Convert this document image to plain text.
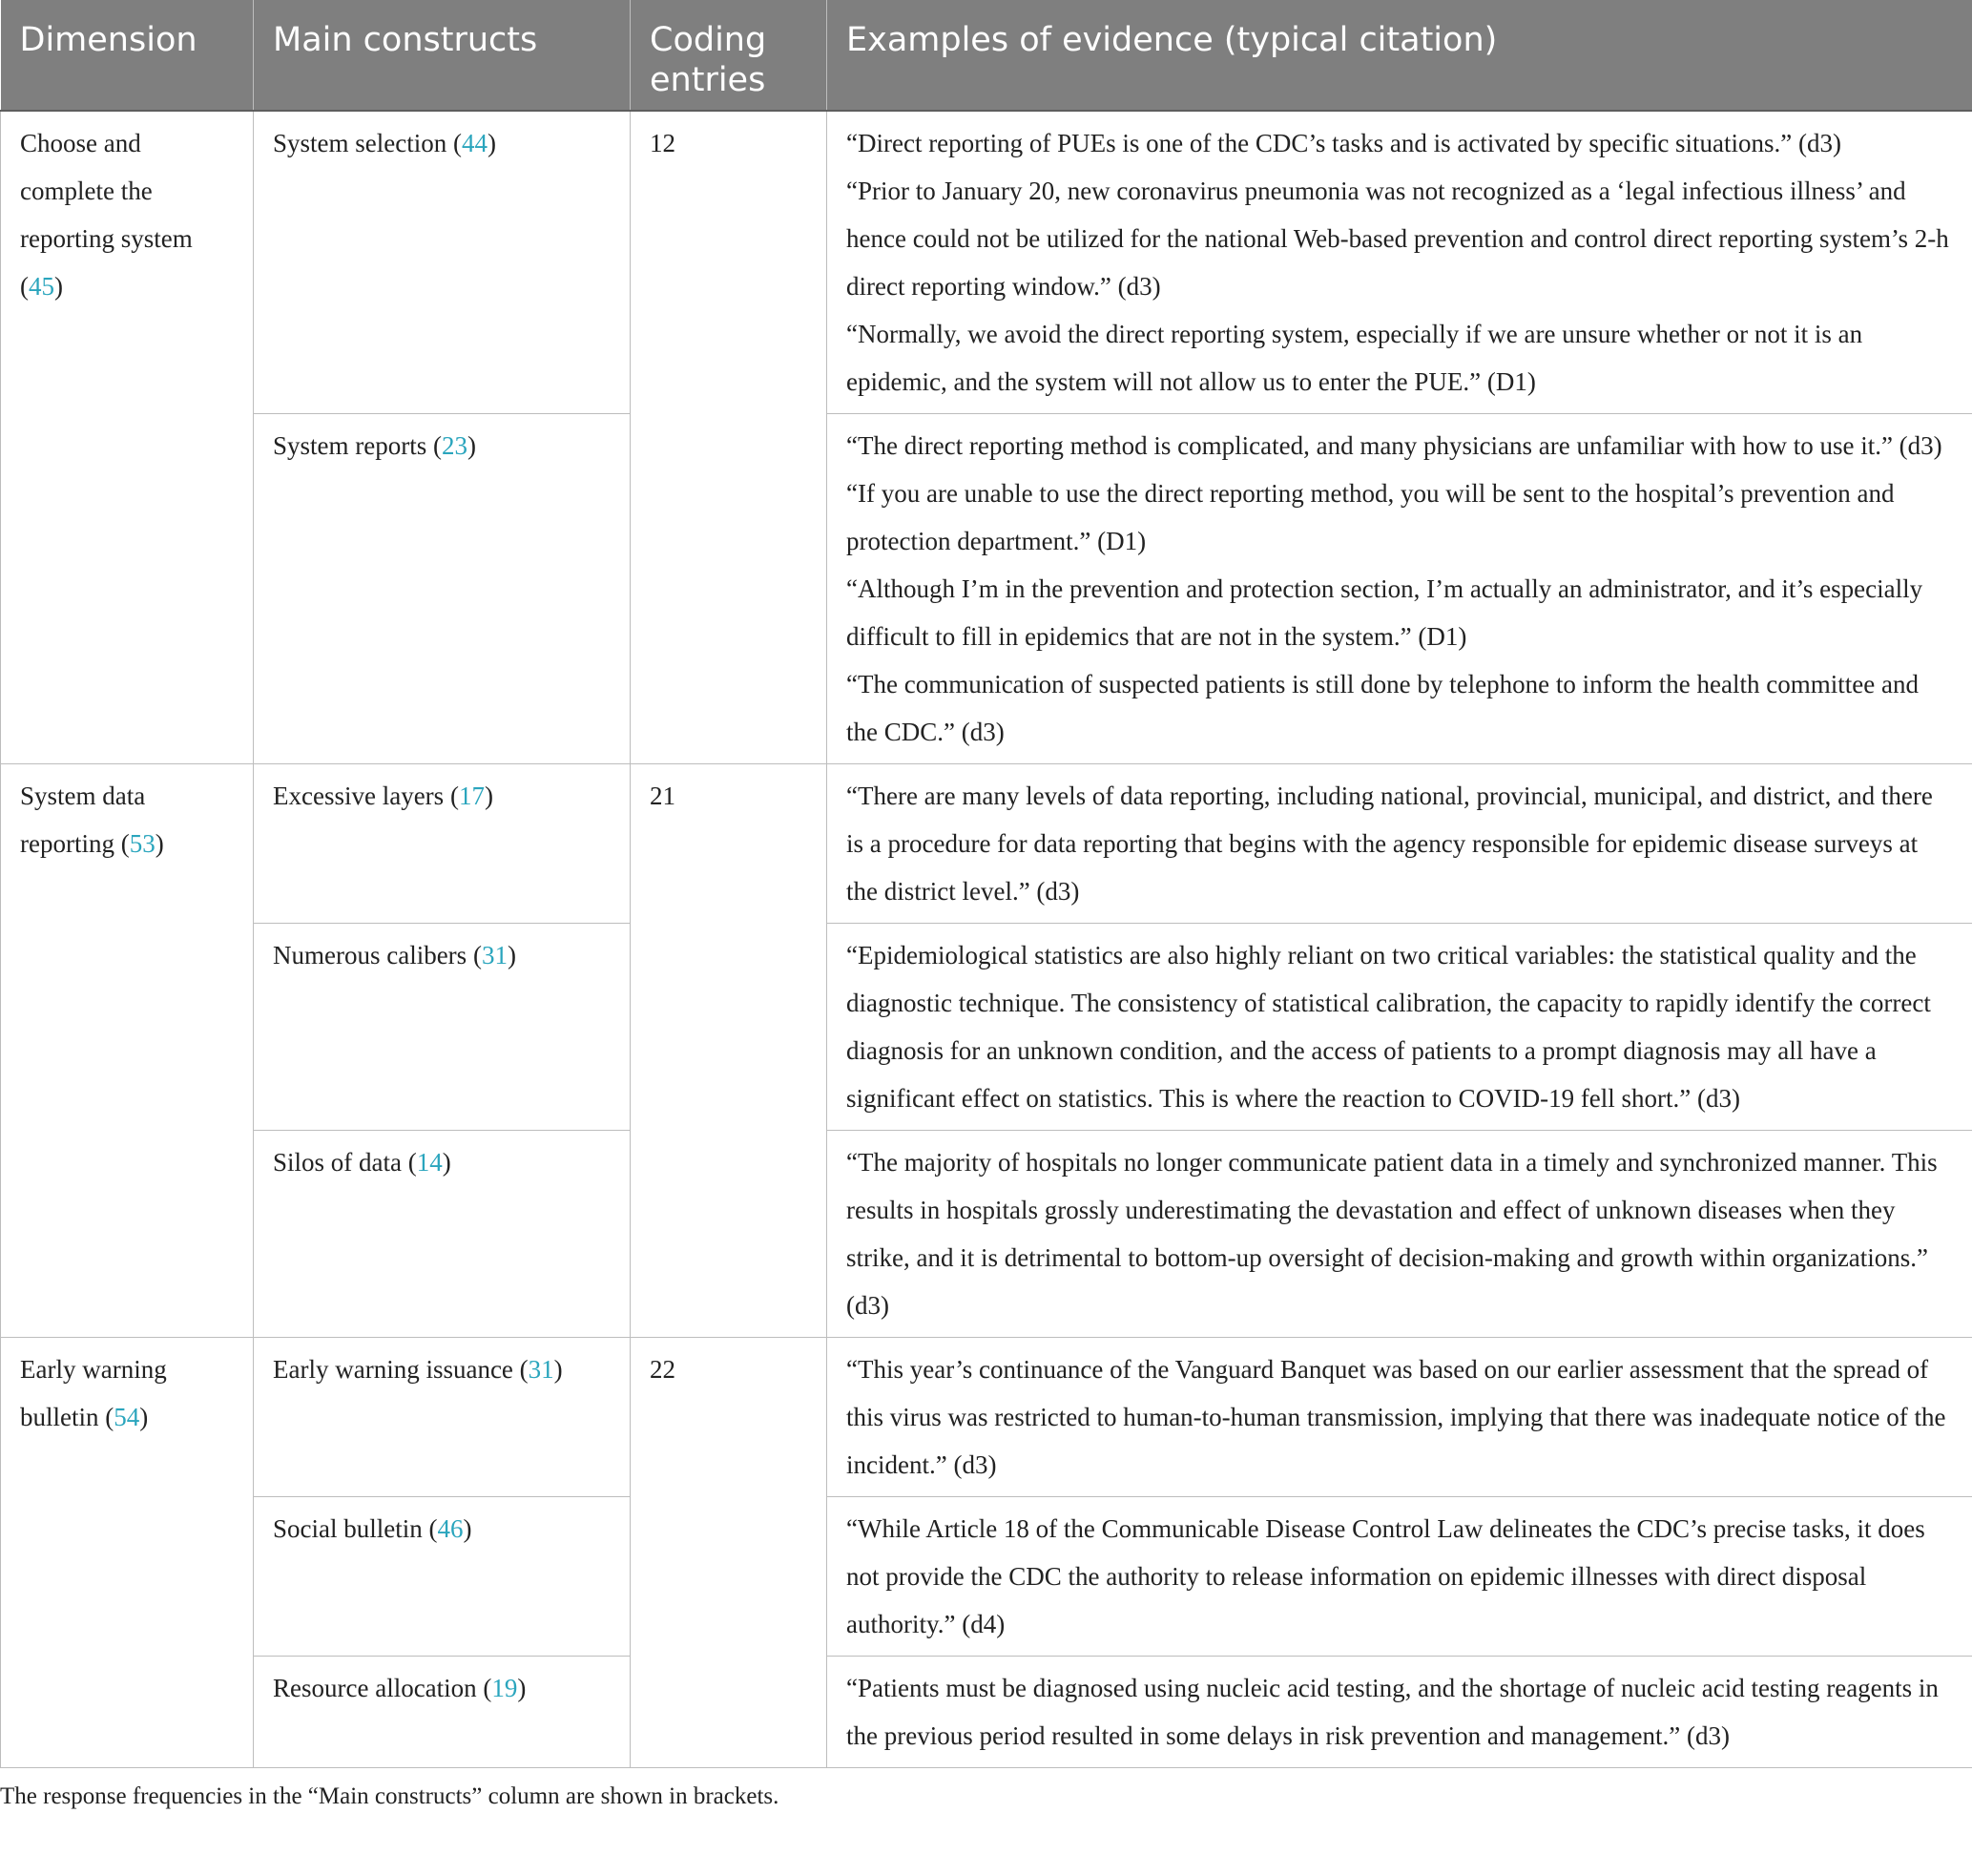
Dimension	Main constructs	Coding entries	Examples of evidence (typical citation)
Choose and complete the reporting system (45)	System selection (44)	12	“Direct reporting of PUEs is one of the CDC’s tasks and is activated by specific situations.” (d3)
“Prior to January 20, new coronavirus pneumonia was not recognized as a ‘legal infectious illness’ and hence could not be utilized for the national Web-based prevention and control direct reporting system’s 2-h direct reporting window.” (d3)
“Normally, we avoid the direct reporting system, especially if we are unsure whether or not it is an epidemic, and the system will not allow us to enter the PUE.” (D1)

	System reports (23)		“The direct reporting method is complicated, and many physicians are unfamiliar with how to use it.” (d3)
“If you are unable to use the direct reporting method, you will be sent to the hospital’s prevention and protection department.” (D1)
“Although I’m in the prevention and protection section, I’m actually an administrator, and it’s especially difficult to fill in epidemics that are not in the system.” (D1)
“The communication of suspected patients is still done by telephone to inform the health committee and the CDC.” (d3)

System data reporting (53)	Excessive layers (17)	21	“There are many levels of data reporting, including national, provincial, municipal, and district, and there is a procedure for data reporting that begins with the agency responsible for epidemic disease surveys at the district level.” (d3)

	Numerous calibers (31)		“Epidemiological statistics are also highly reliant on two critical variables: the statistical quality and the diagnostic technique. The consistency of statistical calibration, the capacity to rapidly identify the correct diagnosis for an unknown condition, and the access of patients to a prompt diagnosis may all have a significant effect on statistics. This is where the reaction to COVID-19 fell short.” (d3)

	Silos of data (14)		“The majority of hospitals no longer communicate patient data in a timely and synchronized manner. This results in hospitals grossly underestimating the devastation and effect of unknown diseases when they strike, and it is detrimental to bottom-up oversight of decision-making and growth within organizations.” (d3)

Early warning bulletin (54)	Early warning issuance (31)	22	“This year’s continuance of the Vanguard Banquet was based on our earlier assessment that the spread of this virus was restricted to human-to-human transmission, implying that there was inadequate notice of the incident.” (d3)

	Social bulletin (46)		“While Article 18 of the Communicable Disease Control Law delineates the CDC’s precise tasks, it does not provide the CDC the authority to release information on epidemic illnesses with direct disposal authority.” (d4)

	Resource allocation (19)		“Patients must be diagnosed using nucleic acid testing, and the shortage of nucleic acid testing reagents in the previous period resulted in some delays in risk prevention and management.” (d3)
The response frequencies in the “Main constructs” column are shown in brackets.
